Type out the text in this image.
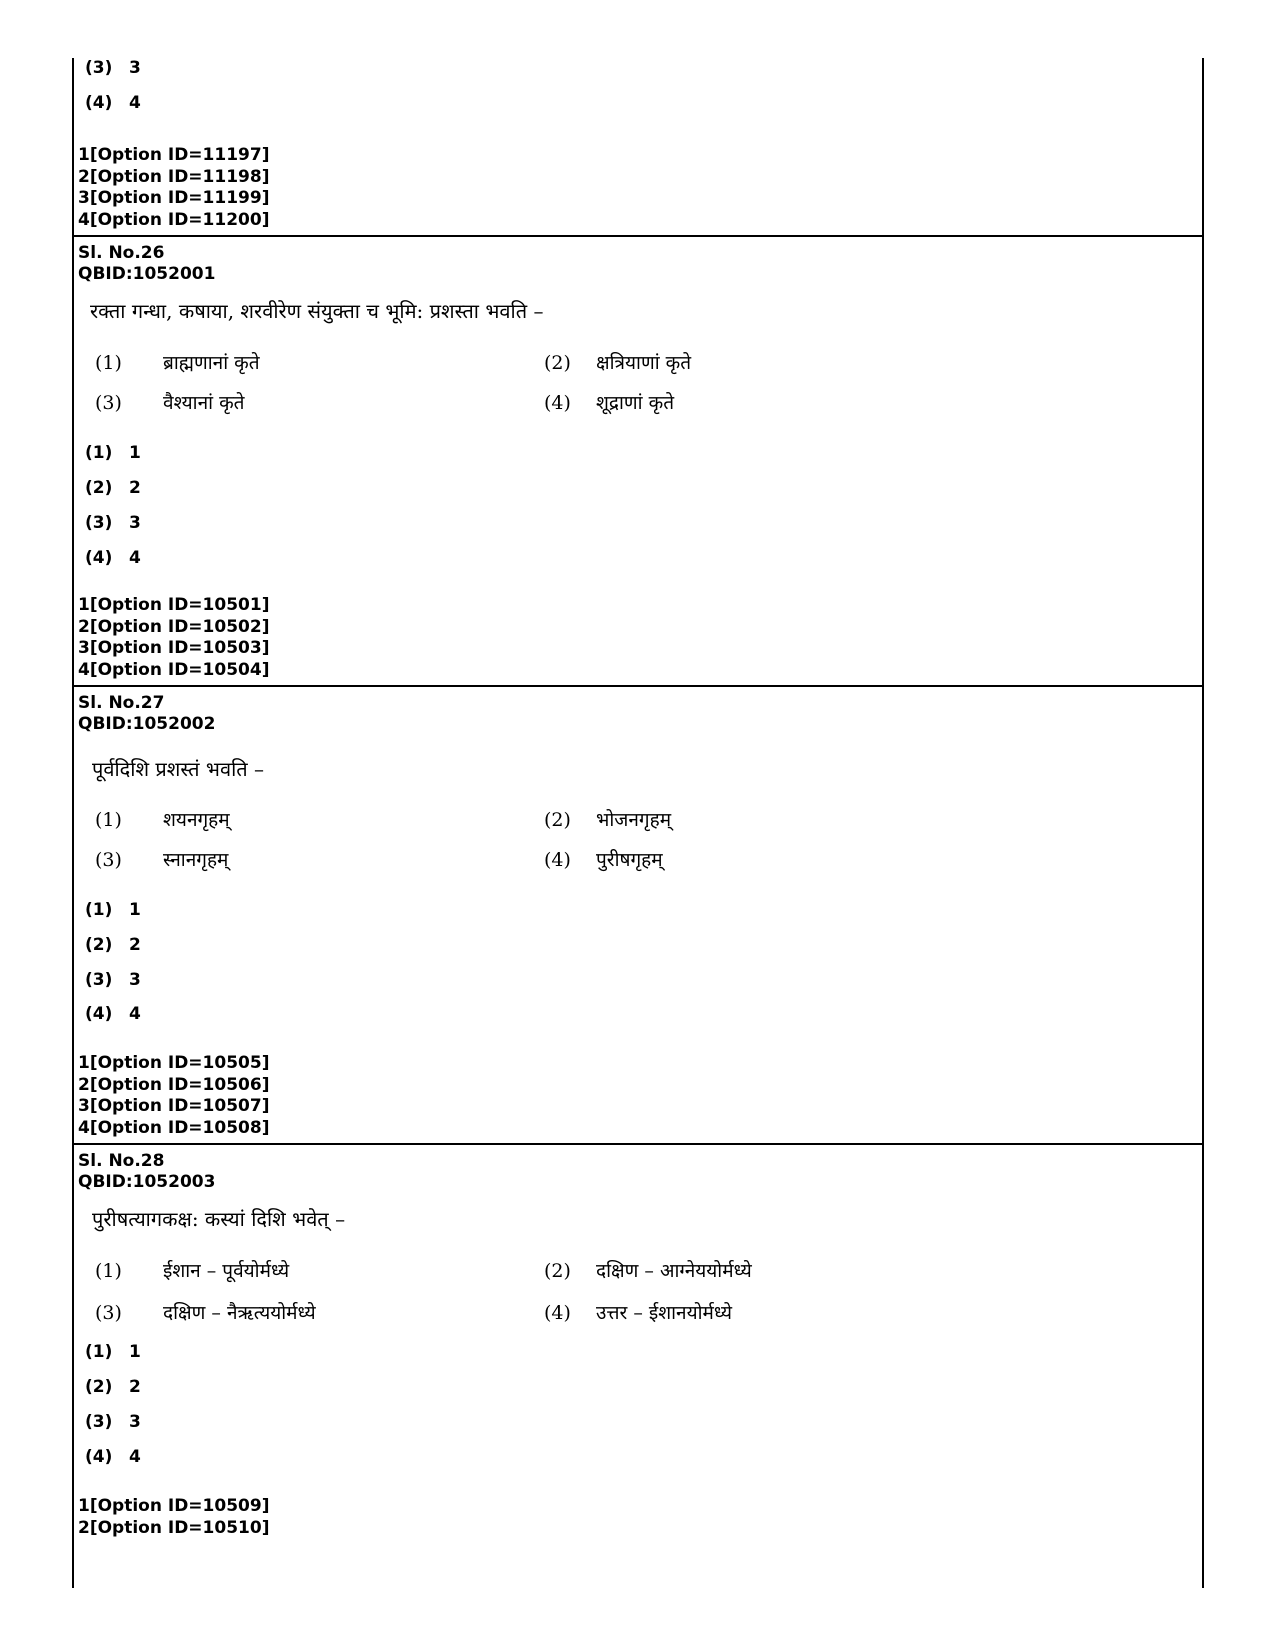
(3) 3
(4) 4
1[Option ID=11197]
2[Option ID=11198]
3[Option ID=11199]
4[Option ID=11200]
Sl. No.26
QBID:1052001
रक्ता गन्धा, कषाया, शरवीरेण संयुक्ता च भूमि: प्रशस्ता भवति –
(1) ब्राह्मणानां कृते	(2) क्षत्रियाणां कृते
(3) वैश्यानां कृते	(4) शूद्राणां कृते
(1) 1
(2) 2
(3) 3
(4) 4
1[Option ID=10501]
2[Option ID=10502]
3[Option ID=10503]
4[Option ID=10504]
Sl. No.27
QBID:1052002
पूर्वदिशि प्रशस्तं भवति –
(1) शयनगृहम्	(2) भोजनगृहम्
(3) स्नानगृहम्	(4) पुरीषगृहम्
(1) 1
(2) 2
(3) 3
(4) 4
1[Option ID=10505]
2[Option ID=10506]
3[Option ID=10507]
4[Option ID=10508]
Sl. No.28
QBID:1052003
पुरीषत्यागकक्ष: कस्यां दिशि भवेत् –
(1) ईशान – पूर्वयोर्मध्ये	(2) दक्षिण – आग्नेययोर्मध्ये
(3) दक्षिण – नैऋत्ययोर्मध्ये	(4) उत्तर – ईशानयोर्मध्ये
(1) 1
(2) 2
(3) 3
(4) 4
1[Option ID=10509]
2[Option ID=10510]
